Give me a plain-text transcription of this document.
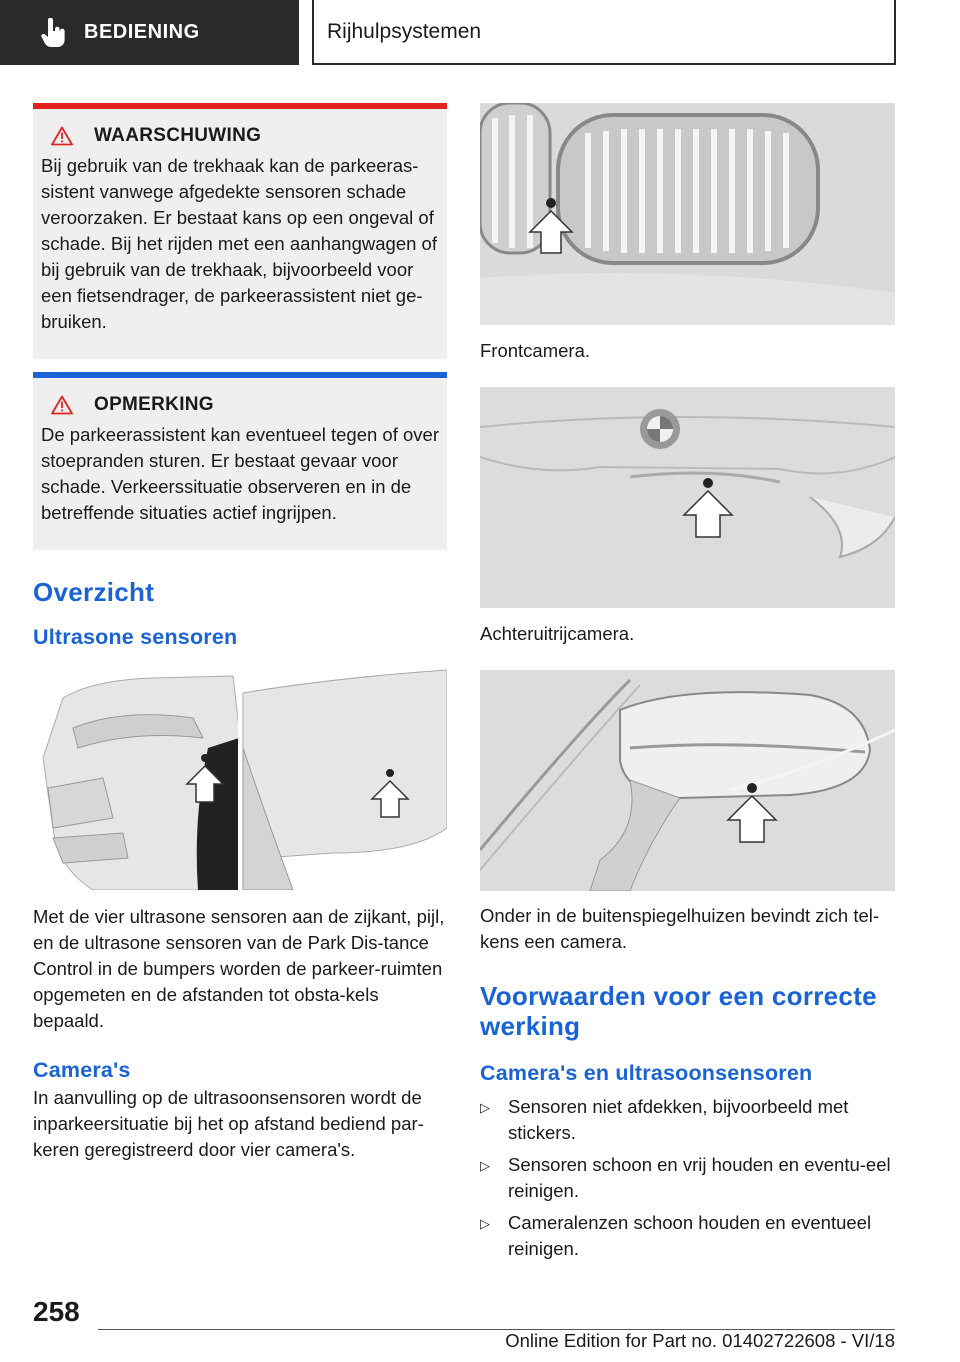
BEDIENING	Rijhulpsystemen
WAARSCHUWING

Bij gebruik van de trekhaak kan de parkeeras-sistent vanwege afgedekte sensoren schade veroorzaken. Er bestaat kans op een ongeval of schade. Bij het rijden met een aanhangwagen of bij gebruik van de trekhaak, bijvoorbeeld voor een fietsendrager, de parkeerassistent niet ge-bruiken.

OPMERKING

De parkeerassistent kan eventueel tegen of over stoepranden sturen. Er bestaat gevaar voor schade. Verkeerssituatie observeren en in de betreffende situaties actief ingrijpen.

Overzicht
Ultrasone sensoren

Met de vier ultrasone sensoren aan de zijkant, pijl, en de ultrasone sensoren van de Park Dis-tance Control in de bumpers worden de parkeer-ruimten opgemeten en de afstanden tot obsta-kels bepaald.

Camera's

In aanvulling op de ultrasoonsensoren wordt de inparkeersituatie bij het op afstand bediend par-keren geregistreerd door vier camera's.

Frontcamera.

Achteruitrijcamera.

Onder in de buitenspiegelhuizen bevindt zich tel-kens een camera.

Voorwaarden voor een correcte werking
Camera's en ultrasoonsensoren
▷ Sensoren niet afdekken, bijvoorbeeld met stickers.
▷ Sensoren schoon en vrij houden en eventu-eel reinigen.
▷ Cameralenzen schoon houden en eventueel reinigen.
258
Online Edition for Part no. 01402722608 - VI/18
